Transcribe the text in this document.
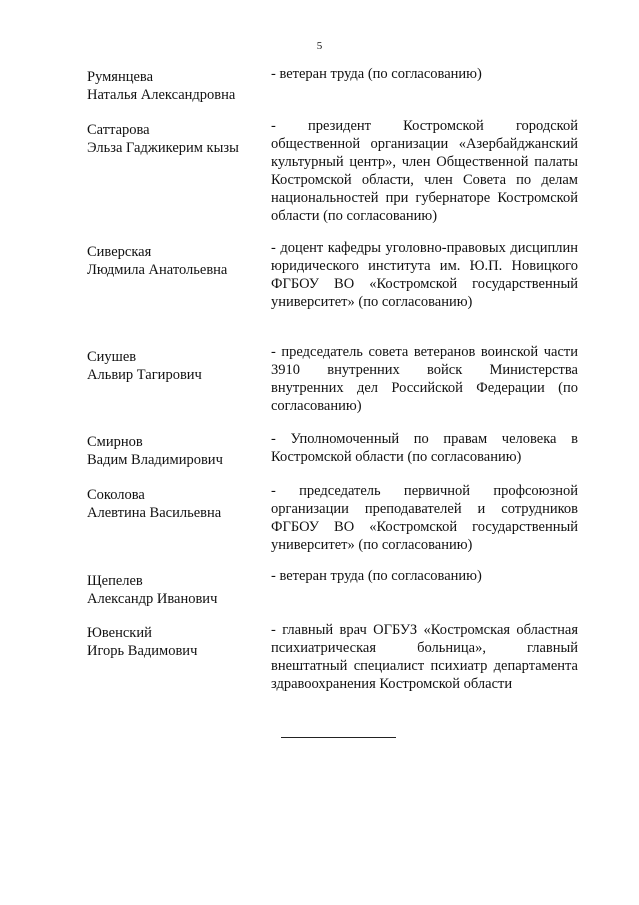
5
Румянцева
Наталья Александровна
- ветеран труда (по согласованию)
Саттарова
Эльза Гаджикерим кызы
- президент Костромской городской общественной организации «Азербайджанский культурный центр», член Общественной палаты Костромской области, член Совета по делам национальностей при губернаторе Костромской области (по согласованию)
Сиверская
Людмила Анатольевна
- доцент кафедры уголовно-правовых дисциплин юридического института им. Ю.П. Новицкого ФГБОУ ВО «Костромской государственный университет» (по согласованию)
Сиушев
Альвир Тагирович
- председатель совета ветеранов воинской части 3910 внутренних войск Министерства внутренних дел Российской Федерации (по согласованию)
Смирнов
Вадим Владимирович
- Уполномоченный по правам человека в Костромской области (по согласованию)
Соколова
Алевтина Васильевна
- председатель первичной профсоюзной организации преподавателей и сотрудников ФГБОУ ВО «Костромской государственный университет» (по согласованию)
Щепелев
Александр Иванович
- ветеран труда (по согласованию)
Ювенский
Игорь Вадимович
- главный врач ОГБУЗ «Костромская областная психиатрическая больница», главный внештатный специалист психиатр департамента здравоохранения Костромской области
